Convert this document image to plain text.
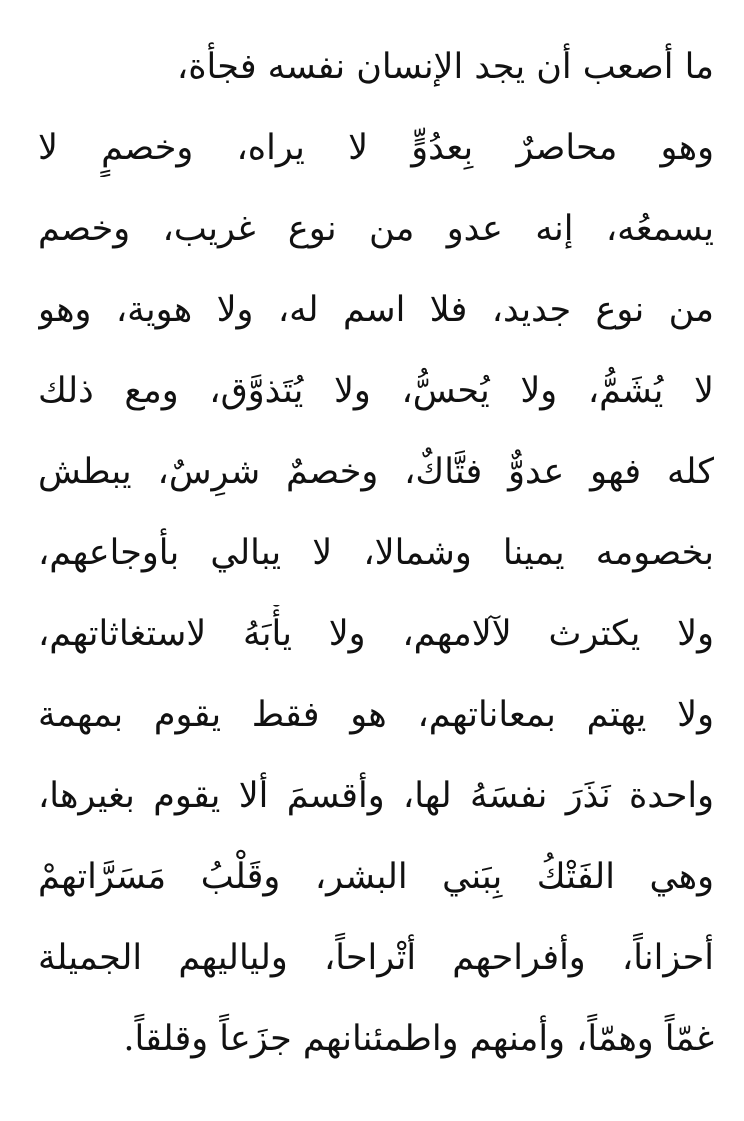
ما أصعب أن يجد الإنسان نفسه فجأة،
وهو محاصرٌ بِعدُوٍّ لا يراه، وخصمٍ لا
يسمعُه، إنه عدو من نوع غريب، وخصم
من نوع جديد، فلا اسم له، ولا هوية، وهو
لا يُشَمُّ، ولا يُحسُّ، ولا يُتَذوَّق، ومع ذلك
كله فهو عدوٌّ فتَّاكٌ، وخصمٌ شرِسٌ، يبطش
بخصومه يمينا وشمالا، لا يبالي بأوجاعهم،
ولا يكترث لآلامهم، ولا يأْبَهُ لاستغاثاتهم،
ولا يهتم بمعاناتهم، هو فقط يقوم بمهمة
واحدة نَذَرَ نفسَهُ لها، وأقسمَ ألا يقوم بغيرها،
وهي الفَتْكُ بِبَني البشر، وقَلْبُ مَسَرَّاتهمْ
أحزاناً، وأفراحهم أتْراحاً، ولياليهم الجميلة
غمّاً وهمّاً، وأمنهم واطمئنانهم جزَعاً وقلقاً.
